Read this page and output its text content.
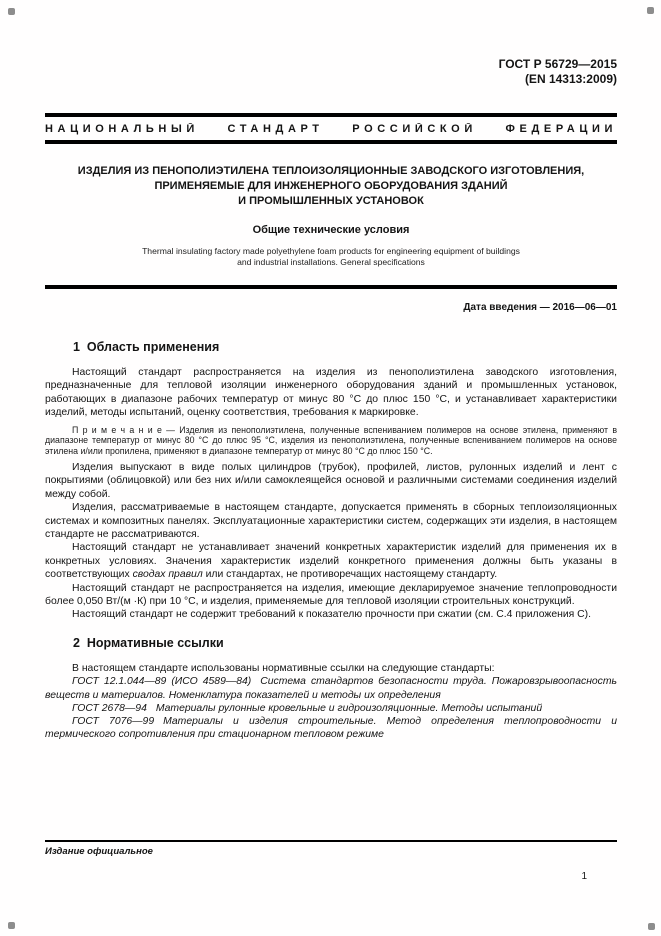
ГОСТ Р 56729—2015
(EN 14313:2009)
НАЦИОНАЛЬНЫЙ СТАНДАРТ РОССИЙСКОЙ ФЕДЕРАЦИИ
ИЗДЕЛИЯ ИЗ ПЕНОПОЛИЭТИЛЕНА ТЕПЛОИЗОЛЯЦИОННЫЕ ЗАВОДСКОГО ИЗГОТОВЛЕНИЯ,
ПРИМЕНЯЕМЫЕ ДЛЯ ИНЖЕНЕРНОГО ОБОРУДОВАНИЯ ЗДАНИЙ
И ПРОМЫШЛЕННЫХ УСТАНОВОК
Общие технические условия
Thermal insulating factory made polyethylene foam products for engineering equipment of buildings
and industrial installations. General specifications
Дата введения — 2016—06—01
1  Область применения

Настоящий стандарт распространяется на изделия из пенополиэтилена заводского изготовления, предназначенные для тепловой изоляции инженерного оборудования зданий и промышленных установок, работающих в диапазоне рабочих температур от минус 80 °С до плюс 150 °С, и устанавливает характеристики изделий, методы испытаний, оценку соответствия, требования к маркировке.

П р и м е ч а н и е — Изделия из пенополиэтилена, полученные вспениванием полимеров на основе этилена, применяют в диапазоне температур от минус 80 °С до плюс 95 °С, изделия из пенополиэтилена, полученные вспениванием полимеров на основе этилена и/или пропилена, применяют в диапазоне температур от минус 80 °С до плюс 150 °С.

Изделия выпускают в виде полых цилиндров (трубок), профилей, листов, рулонных изделий и лент с покрытиями (облицовкой) или без них и/или самоклеящейся основой и различными системами соединения изделий между собой.

Изделия, рассматриваемые в настоящем стандарте, допускается применять в сборных теплоизоляционных системах и композитных панелях. Эксплуатационные характеристики систем, содержащих эти изделия, в настоящем стандарте не рассматриваются.

Настоящий стандарт не устанавливает значений конкретных характеристик изделий для применения их в конкретных условиях. Значения характеристик изделий конкретного применения должны быть указаны в соответствующих сводах правил или стандартах, не противоречащих настоящему стандарту.

Настоящий стандарт не распространяется на изделия, имеющие декларируемое значение теплопроводности более 0,050 Вт/(м ·К) при 10 °С, и изделия, применяемые для тепловой изоляции строительных конструкций.

Настоящий стандарт не содержит требований к показателю прочности при сжатии (см. С.4 приложения С).

2  Нормативные ссылки

В настоящем стандарте использованы нормативные ссылки на следующие стандарты:

ГОСТ 12.1.044—89 (ИСО 4589—84) Система стандартов безопасности труда. Пожаровзрывоопасность веществ и материалов. Номенклатура показателей и методы их определения

ГОСТ 2678—94 Материалы рулонные кровельные и гидроизоляционные. Методы испытаний

ГОСТ 7076—99 Материалы и изделия строительные. Метод определения теплопроводности и термического сопротивления при стационарном тепловом режиме

Издание официальное
1
